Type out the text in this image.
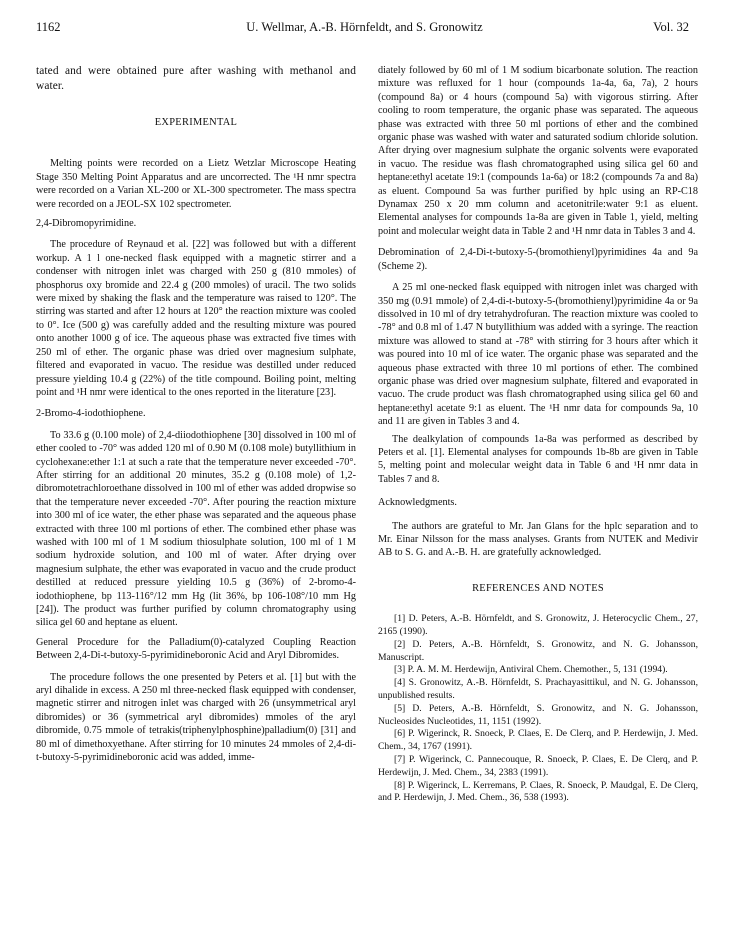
1162	U. Wellmar, A.-B. Hörnfeldt, and S. Gronowitz	Vol. 32

tated and were obtained pure after washing with methanol and water.

EXPERIMENTAL

Melting points were recorded on a Lietz Wetzlar Microscope Heating Stage 350 Melting Point Apparatus and are uncorrected. The ¹H nmr spectra were recorded on a Varian XL-200 or XL-300 spectrometer. The mass spectra were recorded on a JEOL-SX 102 spectrometer.

2,4-Dibromopyrimidine.

The procedure of Reynaud et al. [22] was followed but with a different workup. A 1 l one-necked flask equipped with a magnetic stirrer and a condenser with nitrogen inlet was charged with 250 g (810 mmoles) of phosphorus oxy bromide and 22.4 g (200 mmoles) of uracil. The two solids were mixed by shaking the flask and the temperature was raised to 120°. The stirring was started and after 12 hours at 120° the reaction mixture was cooled to 0°. Ice (500 g) was carefully added and the resulting mixture was poured onto another 1000 g of ice. The aqueous phase was extracted five times with 250 ml of ether. The organic phase was dried over magnesium sulphate, filtered and evaporated in vacuo. The residue was destilled under reduced pressure yielding 10.4 g (22%) of the title compound. Boiling point, melting point and ¹H nmr were identical to the ones reported in the literature [23].

2-Bromo-4-iodothiophene.

To 33.6 g (0.100 mole) of 2,4-diiodothiophene [30] dissolved in 100 ml of ether cooled to -70° was added 120 ml of 0.90 M (0.108 mole) butyllithium in cyclohexane:ether 1:1 at such a rate that the temperature never exceeded -70°. After stirring for an additional 20 minutes, 35.2 g (0.108 mole) of 1,2-dibromotetrachloroethane dissolved in 100 ml of ether was added dropwise so that the temperature never exceeded -70°. After pouring the reaction mixture into 300 ml of ice water, the ether phase was separated and the aqueous phase extracted with three 100 ml portions of ether. The combined ether phase was washed with 100 ml of 1 M sodium thiosulphate solution, 100 ml of 1 M sodium hydroxide solution, and 100 ml of water. After drying over magnesium sulphate, the ether was evaporated in vacuo and the crude product destilled at reduced pressure yielding 10.5 g (36%) of 2-bromo-4-iodothiophene, bp 113-116°/12 mm Hg (lit 36%, bp 106-108°/10 mm Hg [24]). The product was further purified by column chromatography using silica gel 60 and heptane as eluent.

General Procedure for the Palladium(0)-catalyzed Coupling Reaction Between 2,4-Di-t-butoxy-5-pyrimidineboronic Acid and Aryl Dibromides.

The procedure follows the one presented by Peters et al. [1] but with the aryl dihalide in excess. A 250 ml three-necked flask equipped with condenser, magnetic stirrer and nitrogen inlet was charged with 26 (unsymmetrical aryl dibromides) or 36 (symmetrical aryl dibromides) mmoles of the aryl dibromide, 0.75 mmole of tetrakis(triphenylphosphine)palladium(0) [31] and 80 ml of dimethoxyethane. After stirring for 10 minutes 24 mmoles of 2,4-di-t-butoxy-5-pyrimidineboronic acid was added, imme-

diately followed by 60 ml of 1 M sodium bicarbonate solution. The reaction mixture was refluxed for 1 hour (compounds 1a-4a, 6a, 7a), 2 hours (compound 8a) or 4 hours (compound 5a) with vigorous stirring. After cooling to room temperature, the organic phase was separated. The aqueous phase was extracted with three 50 ml portions of ether and the combined organic phase was washed with water and saturated sodium chloride solution. After drying over magnesium sulphate the organic solvents were evaporated in vacuo. The residue was flash chromatographed using silica gel 60 and heptane:ethyl acetate 19:1 (compounds 1a-6a) or 18:2 (compounds 7a and 8a) as eluent. Compound 5a was further purified by hplc using an RP-C18 Dynamax 250 x 20 mm column and acetonitrile:water 9:1 as eluent. Elemental analyses for compounds 1a-8a are given in Table 1, yield, melting point and molecular weight data in Table 2 and ¹H nmr data in Tables 3 and 4.

Debromination of 2,4-Di-t-butoxy-5-(bromothienyl)pyrimidines 4a and 9a (Scheme 2).

A 25 ml one-necked flask equipped with nitrogen inlet was charged with 350 mg (0.91 mmole) of 2,4-di-t-butoxy-5-(bromothienyl)pyrimidine 4a or 9a dissolved in 10 ml of dry tetrahydrofuran. The reaction mixture was cooled to -78° and 0.8 ml of 1.47 N butyllithium was added with a syringe. The reaction mixture was allowed to stand at -78° with stirring for 3 hours after which it was poured into 10 ml of ice water. The organic phase was separated and the aqueous phase extracted with three 10 ml portions of ether. The combined organic phase was dried over magnesium sulphate, filtered and evaporated in vacuo. The crude product was flash chromatographed using silica gel 60 and heptane:ethyl acetate 9:1 as eluent. The ¹H nmr data for compounds 9a, 10 and 11 are given in Tables 3 and 4.

The dealkylation of compounds 1a-8a was performed as described by Peters et al. [1]. Elemental analyses for compounds 1b-8b are given in Table 5, melting point and molecular weight data in Table 6 and ¹H nmr data in Tables 7 and 8.

Acknowledgments.

The authors are grateful to Mr. Jan Glans for the hplc separation and to Mr. Einar Nilsson for the mass analyses. Grants from NUTEK and Medivir AB to S. G. and A.-B. H. are gratefully acknowledged.

REFERENCES AND NOTES

[1] D. Peters, A.-B. Hörnfeldt, and S. Gronowitz, J. Heterocyclic Chem., 27, 2165 (1990).

[2] D. Peters, A.-B. Hörnfeldt, S. Gronowitz, and N. G. Johansson, Manuscript.

[3] P. A. M. M. Herdewijn, Antiviral Chem. Chemother., 5, 131 (1994).

[4] S. Gronowitz, A.-B. Hörnfeldt, S. Prachayasittikul, and N. G. Johansson, unpublished results.

[5] D. Peters, A.-B. Hörnfeldt, S. Gronowitz, and N. G. Johansson, Nucleosides Nucleotides, 11, 1151 (1992).

[6] P. Wigerinck, R. Snoeck, P. Claes, E. De Clerq, and P. Herdewijn, J. Med. Chem., 34, 1767 (1991).

[7] P. Wigerinck, C. Pannecouque, R. Snoeck, P. Claes, E. De Clerq, and P. Herdewijn, J. Med. Chem., 34, 2383 (1991).

[8] P. Wigerinck, L. Kerremans, P. Claes, R. Snoeck, P. Maudgal, E. De Clerq, and P. Herdewijn, J. Med. Chem., 36, 538 (1993).
